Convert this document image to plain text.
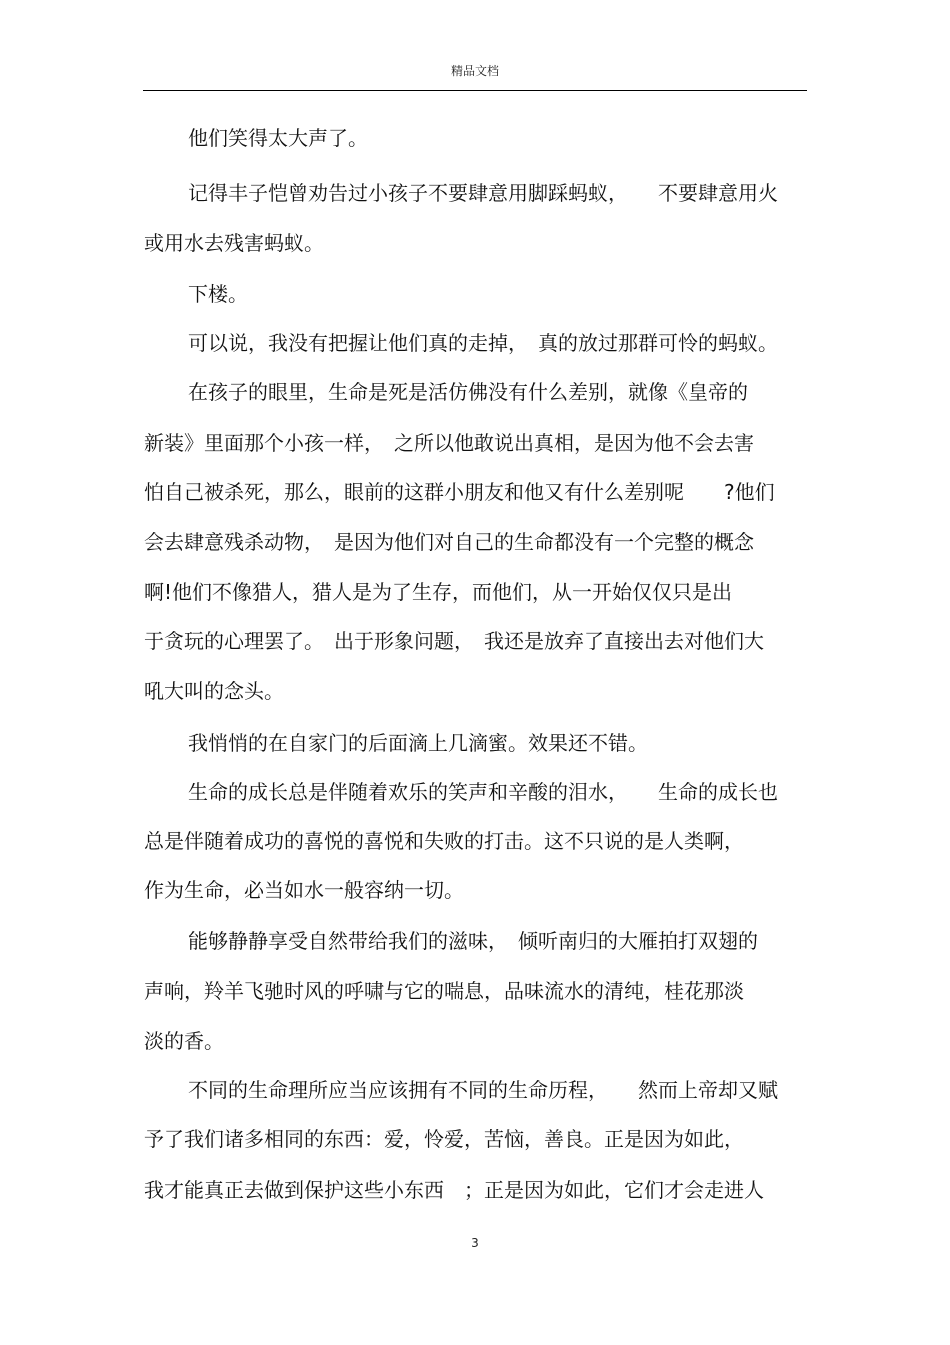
精品文档
他们笑得太大声了。
记得丰子恺曾劝告过小孩子不要肆意用脚踩蚂蚁，　　不要肆意用火
或用水去残害蚂蚁。
下楼。
可以说，我没有把握让他们真的走掉，　真的放过那群可怜的蚂蚁。
在孩子的眼里，生命是死是活仿佛没有什么差别，就像《皇帝的
新装》里面那个小孩一样，　之所以他敢说出真相，是因为他不会去害
怕自己被杀死，那么，眼前的这群小朋友和他又有什么差别呢　　?他们
会去肆意残杀动物，　是因为他们对自己的生命都没有一个完整的概念
啊!他们不像猎人，猎人是为了生存，而他们，从一开始仅仅只是出
于贪玩的心理罢了。　出于形象问题，　我还是放弃了直接出去对他们大
吼大叫的念头。
我悄悄的在自家门的后面滴上几滴蜜。效果还不错。
生命的成长总是伴随着欢乐的笑声和辛酸的泪水，　　生命的成长也
总是伴随着成功的喜悦的喜悦和失败的打击。这不只说的是人类啊，
作为生命，必当如水一般容纳一切。
能够静静享受自然带给我们的滋味，　倾听南归的大雁拍打双翅的
声响，羚羊飞驰时风的呼啸与它的喘息，品味流水的清纯，桂花那淡
淡的香。
不同的生命理所应当应该拥有不同的生命历程，　　然而上帝却又赋
予了我们诸多相同的东西：爱，怜爱，苦恼，善良。正是因为如此，
我才能真正去做到保护这些小东西　；正是因为如此，它们才会走进人
3
